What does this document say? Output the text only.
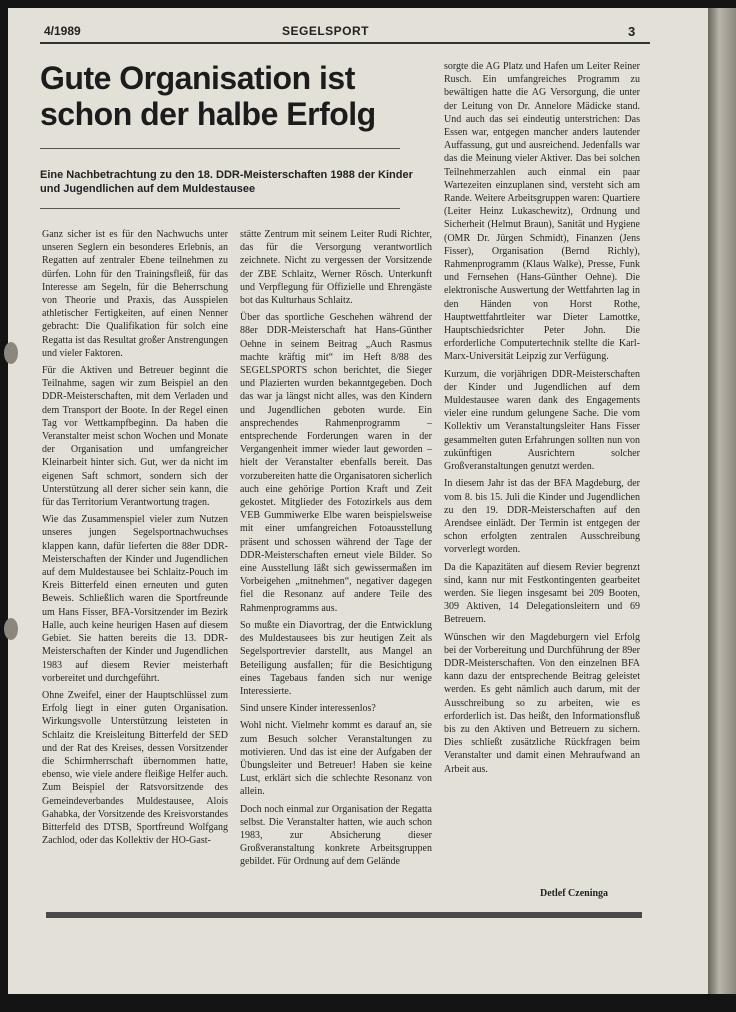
4/1989	SEGELSPORT	3
Gute Organisation ist schon der halbe Erfolg
Eine Nachbetrachtung zu den 18. DDR-Meisterschaften 1988 der Kinder und Jugendlichen auf dem Muldestausee

Ganz sicher ist es für den Nachwuchs unter unseren Seglern ein besonderes Erlebnis, an Regatten auf zentraler Ebene teilnehmen zu dürfen. Lohn für den Trainingsfleiß, für das Interesse am Segeln, für die Beherrschung von Theorie und Praxis, das Ausspielen athletischer Fertigkeiten, auf einen Nenner gebracht: Die Qualifikation für solch eine Regatta ist das Resultat großer Anstrengungen und vieler Faktoren.

Für die Aktiven und Betreuer beginnt die Teilnahme, sagen wir zum Beispiel an den DDR-Meisterschaften, mit dem Verladen und dem Transport der Boote. In der Regel einen Tag vor Wettkampfbeginn. Da haben die Veranstalter meist schon Wochen und Monate der Organisation und umfangreicher Kleinarbeit hinter sich. Gut, wer da nicht im eigenen Saft schmort, sondern sich der Unterstützung all derer sicher sein kann, die für das Territorium Verantwortung tragen.

Wie das Zusammenspiel vieler zum Nutzen unseres jungen Segelsportnachwuchses klappen kann, dafür lieferten die 88er DDR-Meisterschaften der Kinder und Jugendlichen auf dem Muldestausee bei Schlaitz-Pouch im Kreis Bitterfeld einen erneuten und guten Beweis. Schließlich waren die Sportfreunde um Hans Fisser, BFA-Vorsitzender im Bezirk Halle, auch keine heurigen Hasen auf diesem Gebiet. Sie hatten bereits die 13. DDR-Meisterschaften der Kinder und Jugendlichen 1983 auf diesem Revier meisterhaft vorbereitet und durchgeführt.

Ohne Zweifel, einer der Hauptschlüssel zum Erfolg liegt in einer guten Organisation. Wirkungsvolle Unterstützung leisteten in Schlaitz die Kreisleitung Bitterfeld der SED und der Rat des Kreises, dessen Vorsitzender die Schirmherrschaft übernommen hatte, ebenso, wie viele andere fleißige Helfer auch. Zum Beispiel der Ratsvorsitzende des Gemeindeverbandes Muldestausee, Alois Gahabka, der Vorsitzende des Kreisvorstandes Bitterfeld des DTSB, Sportfreund Wolfgang Zachlod, oder das Kollektiv der HO-Gast-

stätte Zentrum mit seinem Leiter Rudi Richter, das für die Versorgung verantwortlich zeichnete. Nicht zu vergessen der Vorsitzende der ZBE Schlaitz, Werner Rösch. Unterkunft und Verpflegung für Offizielle und Ehrengäste bot das Kulturhaus Schlaitz.

Über das sportliche Geschehen während der 88er DDR-Meisterschaft hat Hans-Günther Oehne in seinem Beitrag „Auch Rasmus machte kräftig mit“ im Heft 8/88 des SEGELSPORTS schon berichtet, die Sieger und Plazierten wurden bekanntgegeben. Doch das war ja längst nicht alles, was den Kindern und Jugendlichen geboten wurde. Ein ansprechendes Rahmenprogramm – entsprechende Forderungen waren in der Vergangenheit immer wieder laut geworden – hielt der Veranstalter ebenfalls bereit. Das vorzubereiten hatte die Organisatoren sicherlich auch eine gehörige Portion Kraft und Zeit gekostet. Mitglieder des Fotozirkels aus dem VEB Gummiwerke Elbe waren beispielsweise mit einer umfangreichen Fotoausstellung präsent und schossen während der Tage der DDR-Meisterschaften erneut viele Bilder. So eine Ausstellung läßt sich gewissermaßen im Vorbeigehen „mitnehmen“, negativer dagegen fiel die Resonanz auf andere Teile des Rahmenprogramms aus.

So mußte ein Diavortrag, der die Entwicklung des Muldestausees bis zur heutigen Zeit als Segelsportrevier darstellt, aus Mangel an Beteiligung ausfallen; für die Besichtigung eines Tagebaus fanden sich nur wenige Interessierte.

Sind unsere Kinder interessenlos?

Wohl nicht. Vielmehr kommt es darauf an, sie zum Besuch solcher Veranstaltungen zu motivieren. Und das ist eine der Aufgaben der Übungsleiter und Betreuer! Haben sie keine Lust, erklärt sich die schlechte Resonanz von allein.

Doch noch einmal zur Organisation der Regatta selbst. Die Veranstalter hatten, wie auch schon 1983, zur Absicherung dieser Großveranstaltung konkrete Arbeitsgruppen gebildet. Für Ordnung auf dem Gelände

sorgte die AG Platz und Hafen um Leiter Reiner Rusch. Ein umfangreiches Programm zu bewältigen hatte die AG Versorgung, die unter der Leitung von Dr. Annelore Mädicke stand. Und auch das sei eindeutig unterstrichen: Das Essen war, entgegen mancher anders lautender Auffassung, gut und ausreichend. Jedenfalls war das die Meinung vieler Aktiver. Das bei solchen Teilnehmerzahlen auch einmal ein paar Wartezeiten einzuplanen sind, versteht sich am Rande. Weitere Arbeitsgruppen waren: Quartiere (Leiter Heinz Lukaschewitz), Ordnung und Sicherheit (Helmut Braun), Sanität und Hygiene (OMR Dr. Jürgen Schmidt), Finanzen (Jens Fisser), Organisation (Bernd Richly), Rahmenprogramm (Klaus Walke), Presse, Funk und Fernsehen (Hans-Günther Oehne). Die elektronische Auswertung der Wettfahrten lag in den Händen von Horst Rothe, Hauptwettfahrtleiter war Dieter Lamottke, Hauptschiedsrichter Peter John. Die erforderliche Computertechnik stellte die Karl-Marx-Universität Leipzig zur Verfügung.

Kurzum, die vorjährigen DDR-Meisterschaften der Kinder und Jugendlichen auf dem Muldestausee waren dank des Engagements vieler eine rundum gelungene Sache. Die vom Kollektiv um Veranstaltungsleiter Hans Fisser gesammelten guten Erfahrungen sollten nun von zukünftigen Ausrichtern solcher Großveranstaltungen genutzt werden.

In diesem Jahr ist das der BFA Magdeburg, der vom 8. bis 15. Juli die Kinder und Jugendlichen zu den 19. DDR-Meisterschaften auf den Arendsee einlädt. Der Termin ist entgegen der schon erfolgten zentralen Ausschreibung vorverlegt worden.

Da die Kapazitäten auf diesem Revier begrenzt sind, kann nur mit Festkontingenten gearbeitet werden. Sie liegen insgesamt bei 209 Booten, 309 Aktiven, 14 Delegationsleitern und 69 Betreuern.

Wünschen wir den Magdeburgern viel Erfolg bei der Vorbereitung und Durchführung der 89er DDR-Meisterschaften. Von den einzelnen BFA kann dazu der entsprechende Beitrag geleistet werden. Es geht nämlich auch darum, mit der Ausschreibung so zu arbeiten, wie es erforderlich ist. Das heißt, den Informationsfluß bis zu den Aktiven und Betreuern zu sichern. Dies schließt zusätzliche Rückfragen beim Veranstalter und damit einen Mehraufwand an Arbeit aus.

Detlef Czeninga
